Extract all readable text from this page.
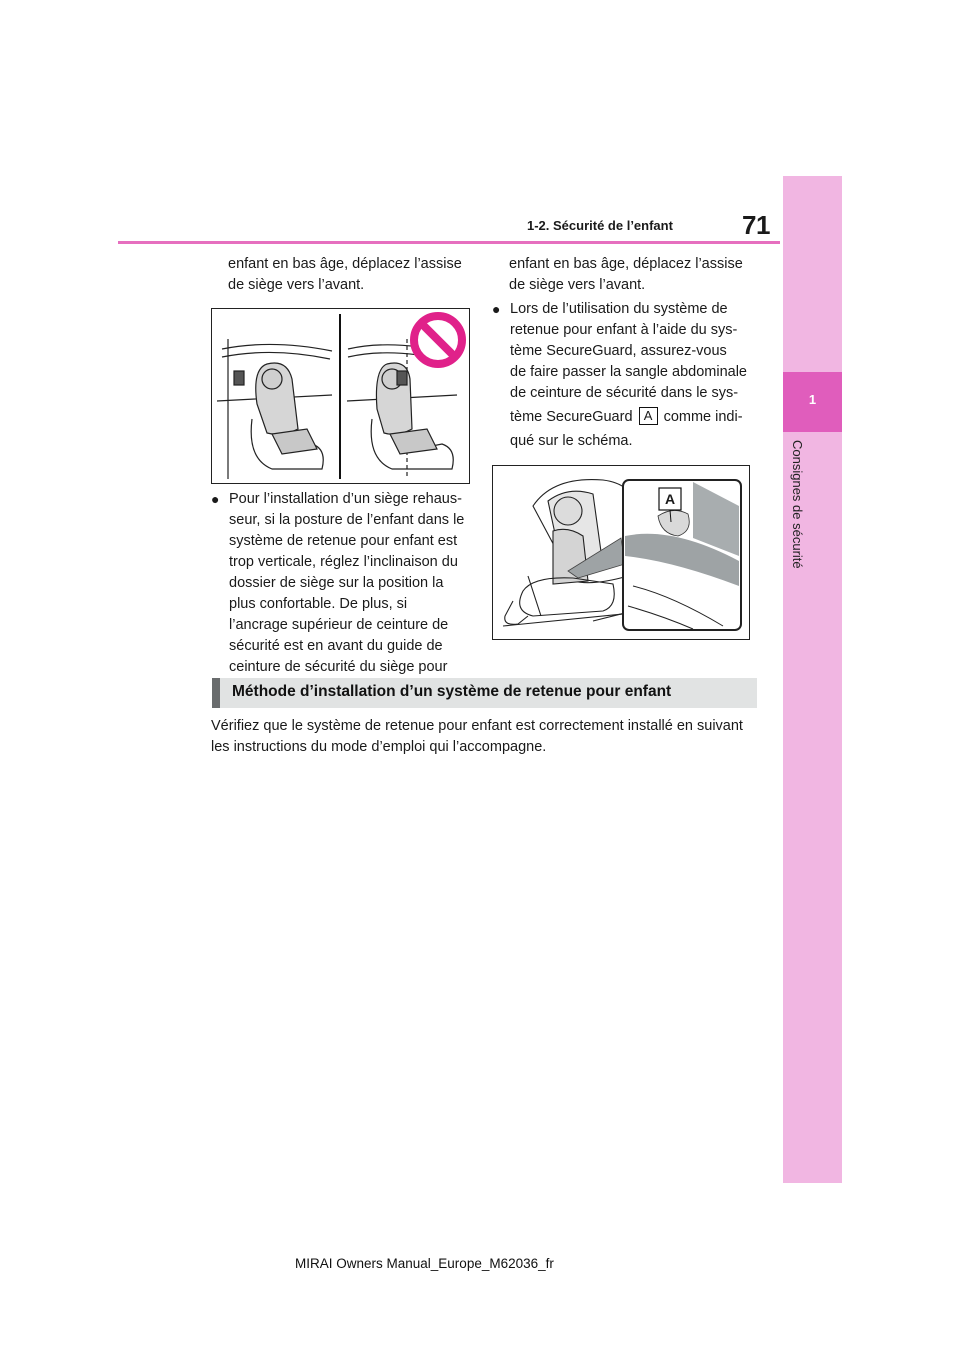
1-2. Sécurité de l’enfant	71
1
Consignes de sécurité
enfant en bas âge, déplacez l’assise
de siège vers l’avant.
● Pour l’installation d’un siège rehaus-
seur, si la posture de l’enfant dans le
système de retenue pour enfant est
trop verticale, réglez l’inclinaison du
dossier de siège sur la position la
plus confortable. De plus, si
l’ancrage supérieur de ceinture de
sécurité est en avant du guide de
ceinture de sécurité du siège pour
enfant en bas âge, déplacez l’assise
de siège vers l’avant.
● Lors de l’utilisation du système de
retenue pour enfant à l’aide du sys-
tème SecureGuard, assurez-vous
de faire passer la sangle abdominale
de ceinture de sécurité dans le sys-
tème SecureGuard A comme indi-
qué sur le schéma.
A
Méthode d’installation d’un système de retenue pour enfant
Vérifiez que le système de retenue pour enfant est correctement installé en suivant
les instructions du mode d’emploi qui l’accompagne.
MIRAI Owners Manual_Europe_M62036_fr
